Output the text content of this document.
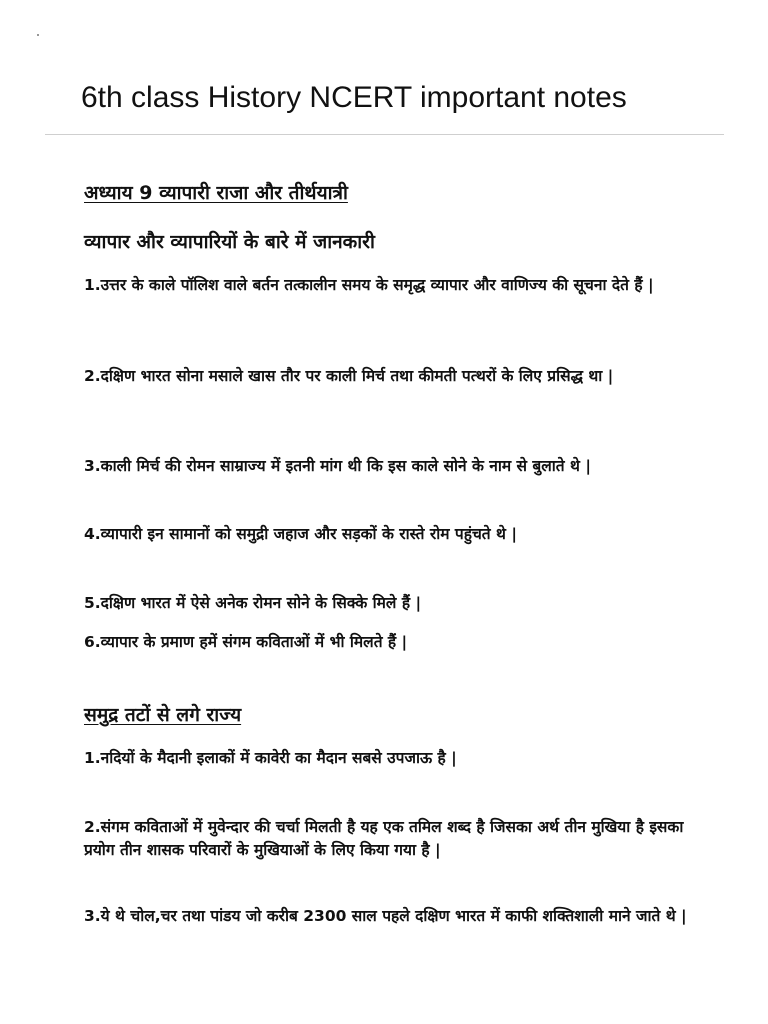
6th class History NCERT important notes
अध्याय 9 व्यापारी राजा और तीर्थयात्री
व्यापार और व्यापारियों के बारे में जानकारी

1.उत्तर के काले पॉलिश वाले बर्तन तत्कालीन समय के समृद्ध व्यापार और वाणिज्य की सूचना देते हैं |

2.दक्षिण भारत सोना मसाले खास तौर पर काली मिर्च तथा कीमती पत्थरों के लिए प्रसिद्ध था |

3.काली मिर्च की रोमन साम्राज्य में इतनी मांग थी कि इस काले सोने के नाम से बुलाते थे |

4.व्यापारी इन सामानों को समुद्री जहाज और सड़कों के रास्ते रोम पहुंचते थे |

5.दक्षिण भारत में ऐसे अनेक रोमन सोने के सिक्के मिले हैं |

6.व्यापार के प्रमाण हमें संगम कविताओं में भी मिलते हैं |

समुद्र तटों से लगे राज्य

1.नदियों के मैदानी इलाकों में कावेरी का मैदान सबसे उपजाऊ है |

2.संगम कविताओं में मुवेन्दार की चर्चा मिलती है यह एक तमिल शब्द है जिसका अर्थ तीन मुखिया है इसका प्रयोग तीन शासक परिवारों के मुखियाओं के लिए किया गया है |

3.ये थे चोल,चर तथा पांडय जो करीब 2300 साल पहले दक्षिण भारत में काफी शक्तिशाली माने जाते थे |
